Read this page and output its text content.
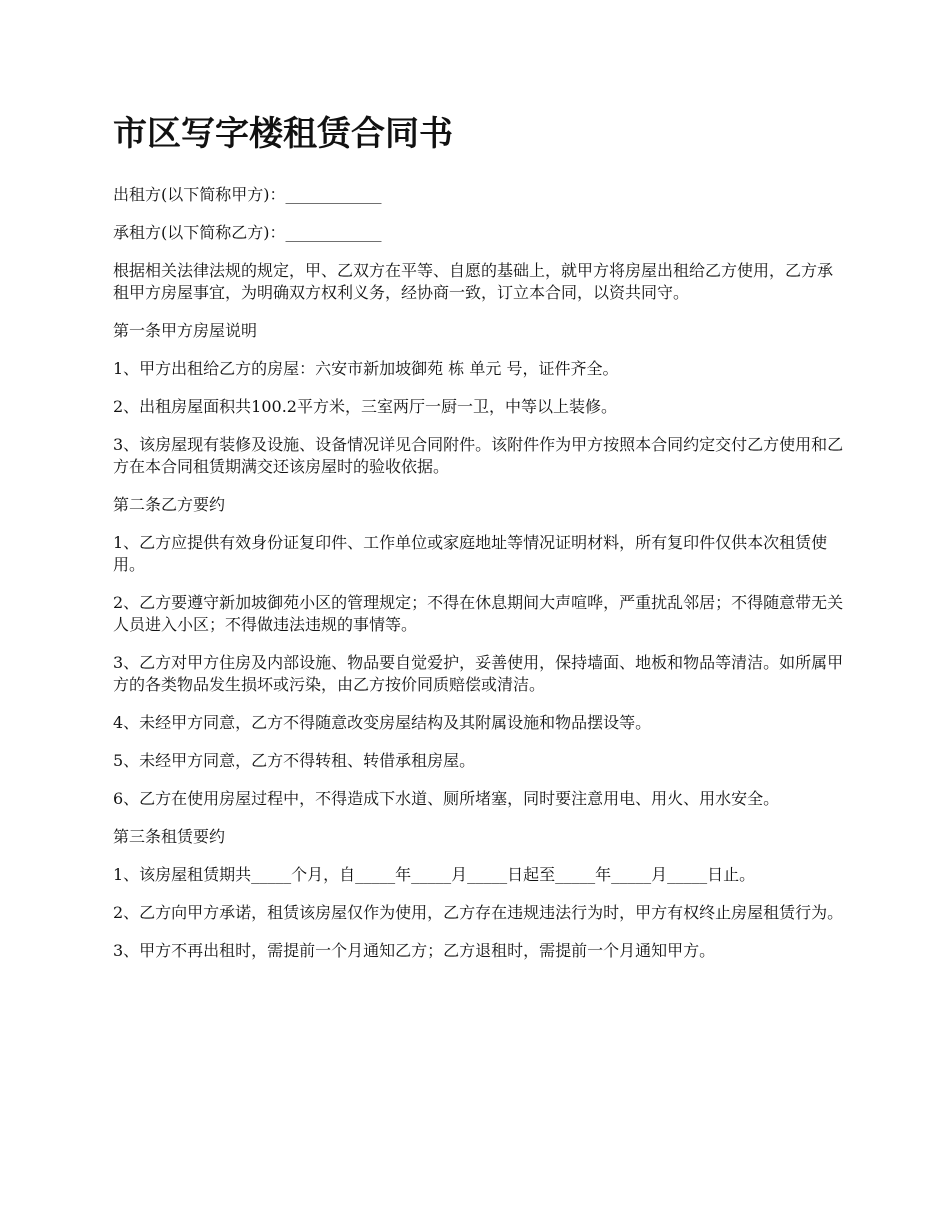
市区写字楼租赁合同书

出租方(以下简称甲方)：____________

承租方(以下简称乙方)：____________

根据相关法律法规的规定，甲、乙双方在平等、自愿的基础上，就甲方将房屋出租给乙方使用，乙方承租甲方房屋事宜，为明确双方权利义务，经协商一致，订立本合同，以资共同守。

第一条甲方房屋说明

1、甲方出租给乙方的房屋：六安市新加坡御苑 栋 单元 号，证件齐全。

2、出租房屋面积共100.2平方米，三室两厅一厨一卫，中等以上装修。

3、该房屋现有装修及设施、设备情况详见合同附件。该附件作为甲方按照本合同约定交付乙方使用和乙方在本合同租赁期满交还该房屋时的验收依据。

第二条乙方要约

1、乙方应提供有效身份证复印件、工作单位或家庭地址等情况证明材料，所有复印件仅供本次租赁使用。

2、乙方要遵守新加坡御苑小区的管理规定；不得在休息期间大声喧哗，严重扰乱邻居；不得随意带无关人员进入小区；不得做违法违规的事情等。

3、乙方对甲方住房及内部设施、物品要自觉爱护，妥善使用，保持墙面、地板和物品等清洁。如所属甲方的各类物品发生损坏或污染，由乙方按价同质赔偿或清洁。

4、未经甲方同意，乙方不得随意改变房屋结构及其附属设施和物品摆设等。

5、未经甲方同意，乙方不得转租、转借承租房屋。

6、乙方在使用房屋过程中，不得造成下水道、厕所堵塞，同时要注意用电、用火、用水安全。

第三条租赁要约

1、该房屋租赁期共_____个月，自_____年_____月_____日起至_____年_____月_____日止。

2、乙方向甲方承诺，租赁该房屋仅作为使用，乙方存在违规违法行为时，甲方有权终止房屋租赁行为。

3、甲方不再出租时，需提前一个月通知乙方；乙方退租时，需提前一个月通知甲方。
